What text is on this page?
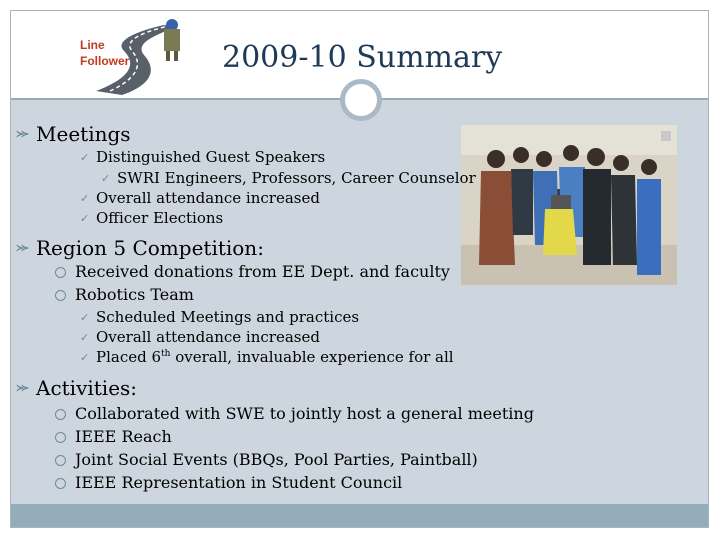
Line
Follower	2009-10 Summary
⪼ Meetings
✓ Distinguished Guest Speakers
✓ SWRI Engineers, Professors, Career Counselor
✓ Overall attendance increased
✓ Officer Elections
⪼ Region 5 Competition:
Received donations from EE Dept. and faculty
Robotics Team
✓ Scheduled Meetings and practices
✓ Overall attendance increased
✓ Placed 6th overall, invaluable experience for all
⪼ Activities:
Collaborated with SWE to jointly host a general meeting
IEEE Reach
Joint Social Events (BBQs, Pool Parties, Paintball)
IEEE Representation in Student Council
